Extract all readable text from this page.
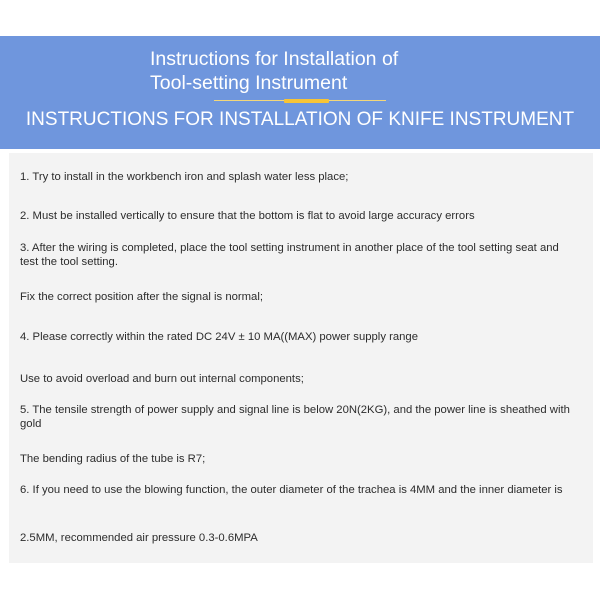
Instructions for Installation of
Tool-setting Instrument
INSTRUCTIONS FOR INSTALLATION OF KNIFE INSTRUMENT
1. Try to install in the workbench iron and splash water less place;
2. Must be installed vertically to ensure that the bottom is flat to avoid large accuracy errors
3. After the wiring is completed, place the tool setting instrument in another place of the tool setting seat and test the tool setting.
Fix the correct position after the signal is normal;
4. Please correctly within the rated DC 24V ± 10 MA((MAX) power supply range
Use to avoid overload and burn out internal components;
5. The tensile strength of power supply and signal line is below 20N(2KG), and the power line is sheathed with gold
The bending radius of the tube is R7;
6. If you need to use the blowing function, the outer diameter of the trachea is 4MM and the inner diameter is
2.5MM, recommended air pressure 0.3-0.6MPA
